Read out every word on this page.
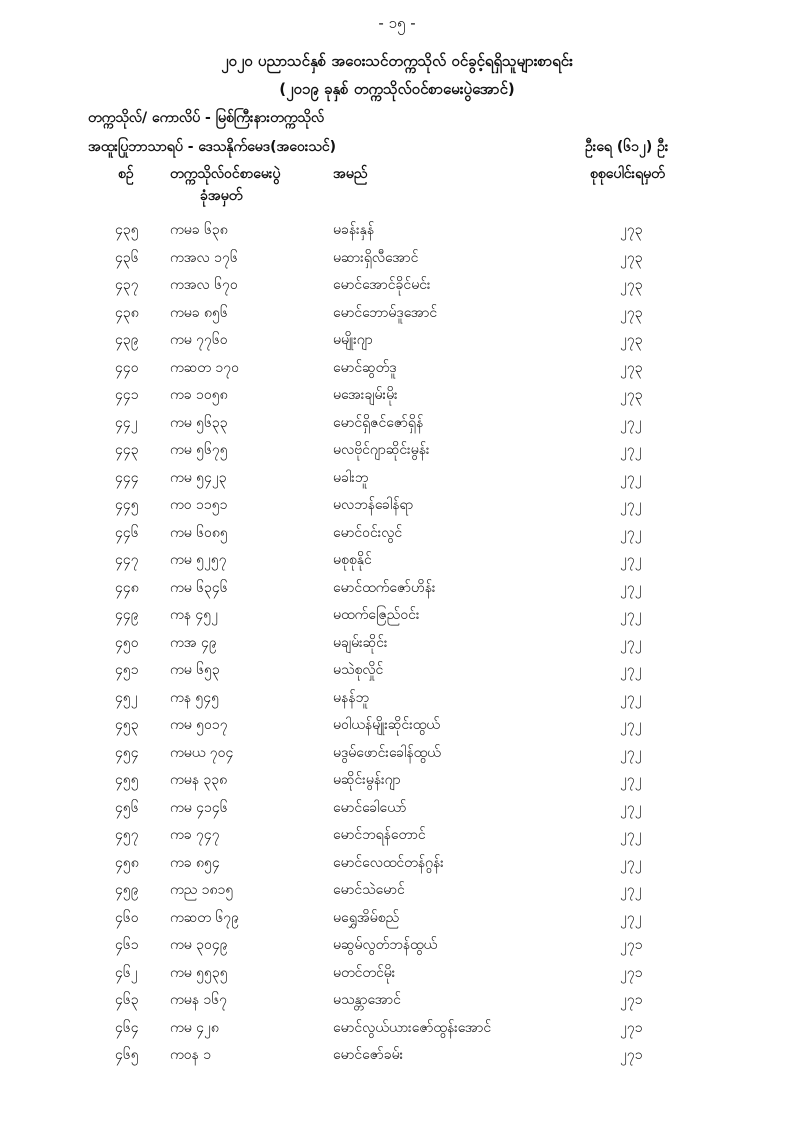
- ၁၅ -
၂၀၂၀ ပညာသင်နှစ် အဝေးသင်တက္ကသိုလ် ဝင်ခွင့်ရရှိသူများစာရင်း
(၂၀၁၉ ခုနှစ် တက္ကသိုလ်ဝင်စာမေးပွဲအောင်)
တက္ကသိုလ်/ ကောလိပ် - မြစ်ကြီးနားတက္ကသိုလ်
အထူးပြုဘာသာရပ် - ဒေသနိုက်မေဒ(အဝေးသင်)	ဦးရေ (၆၁၂) ဦး
စဉ်	တက္ကသိုလ်ဝင်စာမေးပွဲ
ခုံအမှတ်
အမည်	စုစုပေါင်းရမှတ်
၄၃၅ ကမခ ၆၃၈	မခန်းနှန်	၂၇၃
၄၃၆ ကအလ ၁၇၆	မဆားရှိလီအောင်	၂၇၃
၄၃၇ ကအလ ၆၇၀	မောင်အောင်ခိုင်မင်း	၂၇၃
၄၃၈ ကမခ ၈၅၆	မောင်ဘောမ်ဒူအောင်	၂၇၃
၄၃၉ ကမ ၇၇၆၀	မမျိုးဂျာ	၂၇၃
၄၄၀ ကဆတ ၁၇၀	မောင်ဆွတ်ဒူ	၂၇၃
၄၄၁ ကခ ၁၀၅၈	မအေးချမ်းမိုး	၂၇၃
၄၄၂ ကမ ၅၆၃၃	မောင်ရှိဇင်ဇော်ရှိန်	၂၇၂
၄၄၃ ကမ ၅၆၇၅	မလဗိုင်ဂျာဆိုင်းမွန်း	၂၇၂
၄၄၄ ကမ ၅၄၂၃	မခါးဘူ	၂၇၂
၄၄၅ ကဝ ၁၁၅၁	မလဘန်ခေါန်ရာ	၂၇၂
၄၄၆ ကမ ၆၀၈၅	မောင်ဝင်းလွင်	၂၇၂
၄၄၇ ကမ ၅၂၅၇	မစုစုနိုင်	၂၇၂
၄၄၈ ကမ ၆၃၄၆	မောင်ထက်ဇော်ဟိန်း	၂၇၂
၄၄၉ ကန ၄၅၂	မထက်ဇြေည်ဝင်း	၂၇၂
၄၅၀ ကအ ၄၉	မချမ်းဆိုင်း	၂၇၂
၄၅၁ ကမ ၆၅၃	မသဲစုလှိုင်	၂၇၂
၄၅၂ ကန ၅၄၅	မနန်ဘူ	၂၇၂
၄၅၃ ကမ ၅၀၁၇	မဝါယန်မျိုးဆိုင်းထွယ်	၂၇၂
၄၅၄ ကမယ ၇၀၄	မဒွမ်ဖောင်းခေါန်ထွယ်	၂၇၂
၄၅၅ ကမန ၃၃၈	မဆိုင်းမွန်းဂျာ	၂၇၂
၄၅၆ ကမ ၄၁၄၆	မောင်ခေါယော်	၂၇၂
၄၅၇ ကခ ၇၄၇	မောင်ဘရန်တောင်	၂၇၂
၄၅၈ ကခ ၈၅၄	မောင်လေထင်တန်ဂွန်း	၂၇၂
၄၅၉ ကည ၁၈၁၅	မောင်သဲမောင်	၂၇၂
၄၆၀ ကဆတ ၆၇၉	မရွှေအိမ်စည်	၂၇၂
၄၆၁ ကမ ၃၀၄၉	မဆွမ်လွတ်ဘန်ထွယ်	၂၇၁
၄၆၂ ကမ ၅၅၃၅	မတင်တင်မိုး	၂၇၁
၄၆၃ ကမန ၁၆၇	မသန္တာအောင်	၂၇၁
၄၆၄ ကမ ၄၂၈	မောင်လွယ်ယားဇော်ထွန်းအောင်	၂၇၁
၄၆၅ ကဝန ၁	မောင်ဇော်ခမ်း	၂၇၁
